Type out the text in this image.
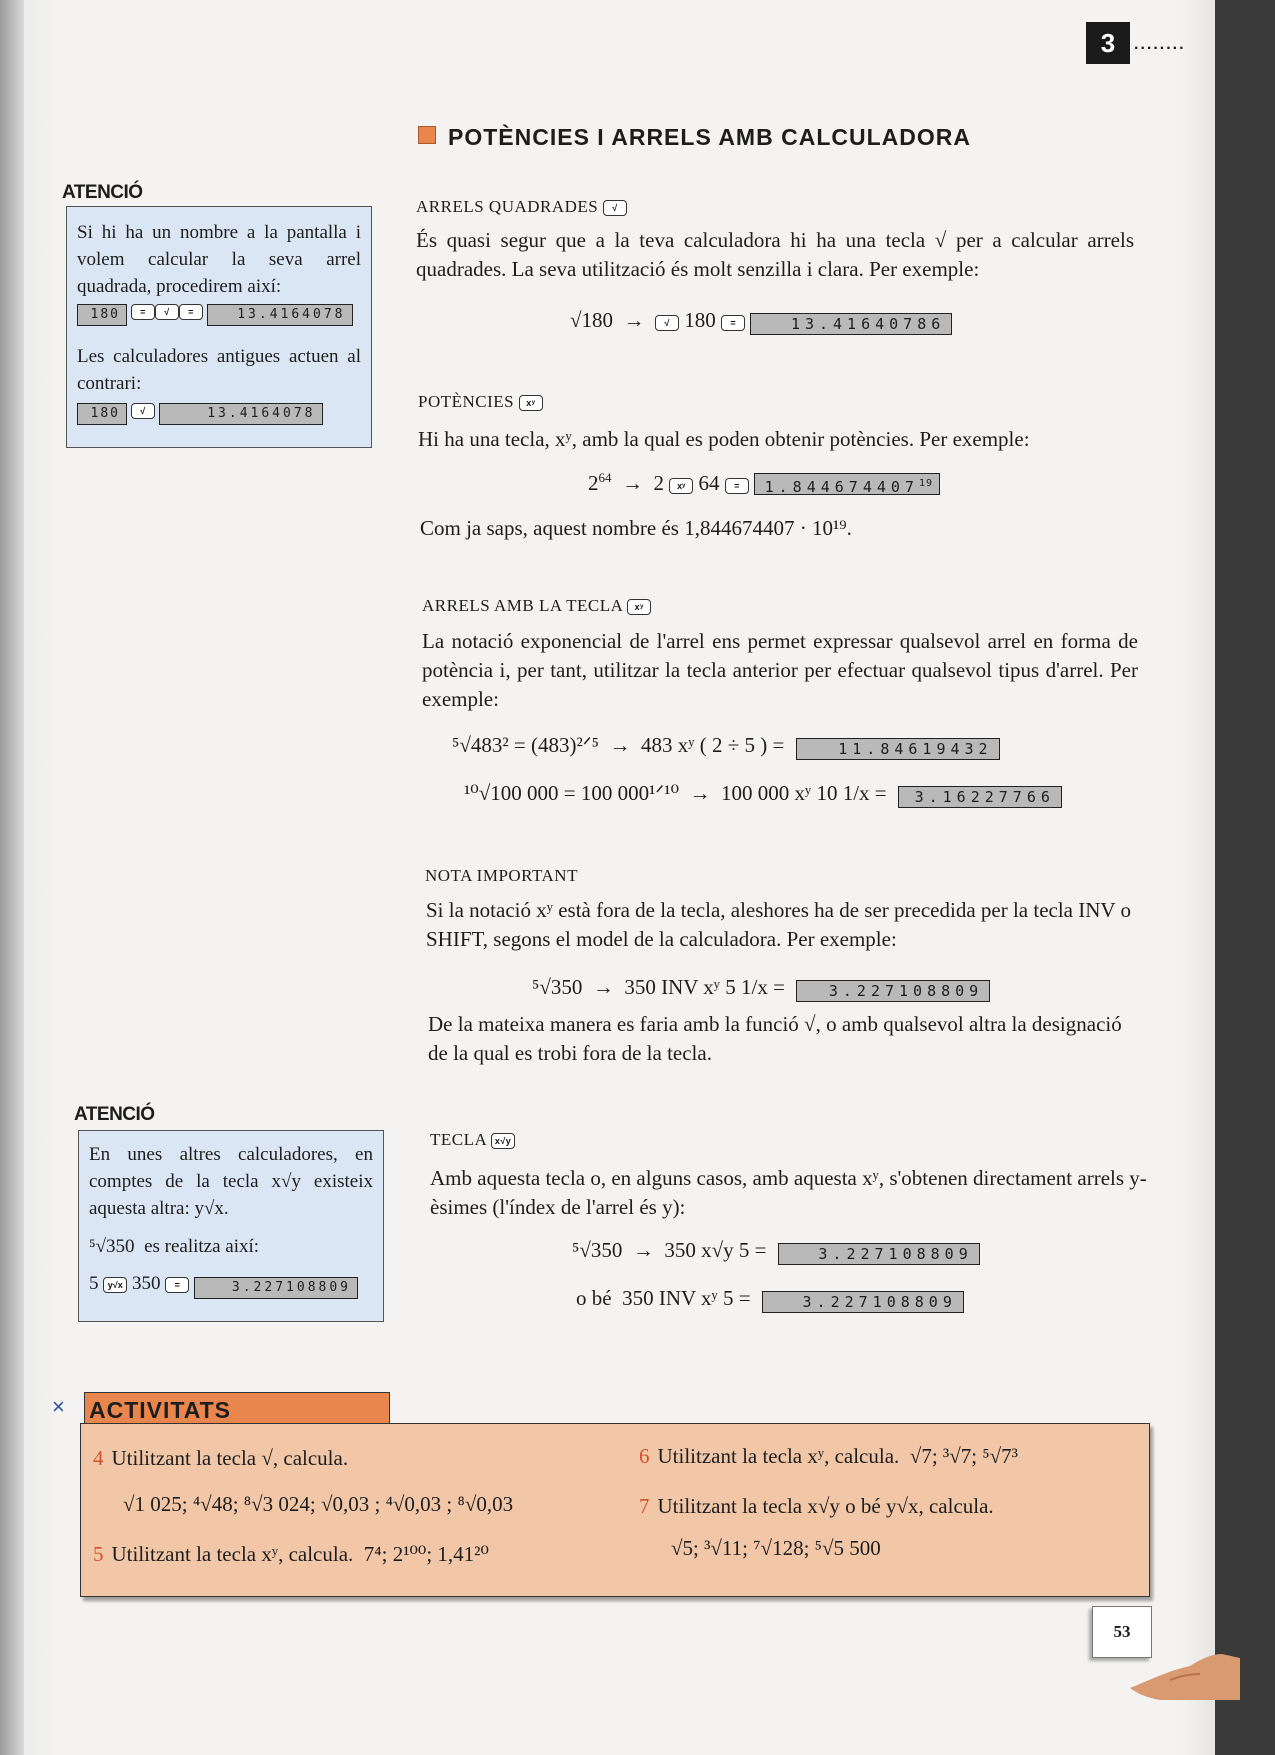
3	........
POTÈNCIES I ARRELS AMB CALCULADORA
ARRELS QUADRADES √
És quasi segur que a la teva calculadora hi ha una tecla √ per a calcular arrels quadrades. La seva utilització és molt senzilla i clara. Per exemple:
√180  →  √ 180 =	13.41640786
POTÈNCIES xʸ
Hi ha una tecla, xʸ, amb la qual es poden obtenir potències. Per exemple:
$2^{64} \to 2$ xʸ $64 = 1.844674407^{19}$
Com ja saps, aquest nombre és 1,844674407 · 10¹⁹.
ARRELS AMB LA TECLA xʸ
La notació exponencial de l'arrel ens permet expressar qualsevol arrel en forma de potència i, per tant, utilitzar la tecla anterior per efectuar qualsevol tipus d'arrel. Per exemple:
⁵√483² = (483)²ᐟ⁵  →  483 xʸ ( 2 ÷ 5 ) =	11.84619432
¹⁰√100 000 = 100 000¹ᐟ¹⁰  →  100 000 xʸ 10 1/x = 3.16227766
NOTA IMPORTANT
Si la notació xʸ està fora de la tecla, aleshores ha de ser precedida per la tecla INV o SHIFT, segons el model de la calculadora. Per exemple:
⁵√350  →  350 INV xʸ 5 1/x =	3.227108809
De la mateixa manera es faria amb la funció √, o amb qualsevol altra la designació de la qual es trobi fora de la tecla.
TECLA x√y
Amb aquesta tecla o, en alguns casos, amb aquesta xʸ, s'obtenen directament arrels y-èsimes (l'índex de l'arrel és y):
⁵√350  →  350 x√y 5 =	3.227108809
o bé 350 INV xʸ 5 =	3.227108809
ATENCIÓ
Si hi ha un nombre a la pantalla i volem calcular la seva arrel quadrada, procedirem així:
180 = √ =	13.4164078
Les calculadores antigues actuen al contrari:
180 √	13.4164078
ATENCIÓ
En unes altres calculadores, en comptes de la tecla x√y existeix aquesta altra: y√x.
⁵√350 es realitza així:
5 y√x 350 =	3.227108809
× ACTIVITATS
4 Utilitzant la tecla √, calcula.
√1 025; ⁴√48; ⁸√3 024; √0,03 ; ⁴√0,03 ; ⁸√0,03
5 Utilitzant la tecla xʸ, calcula. 7⁴; 2¹⁰⁰; 1,41²⁰
6 Utilitzant la tecla xʸ, calcula. √7; ³√7; ⁵√7³
7 Utilitzant la tecla x√y o bé y√x, calcula.
√5; ³√11; ⁷√128; ⁵√5 500
53
